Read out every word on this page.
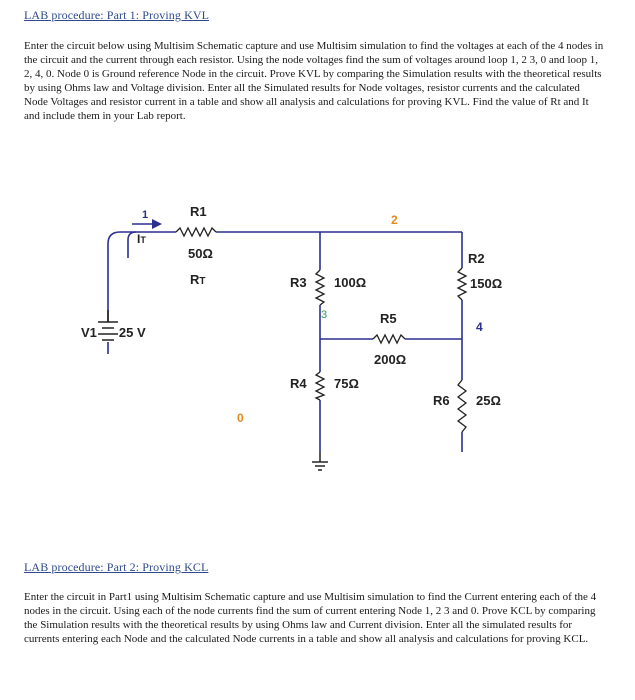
LAB procedure: Part 1: Proving KVL
Enter the circuit below using Multisim Schematic capture and use Multisim simulation to find the voltages at each of the 4 nodes in the circuit and the current through each resistor. Using the node voltages find the sum of voltages around loop 1, 2 3, 0 and loop 1, 2, 4, 0. Node 0 is Ground reference Node in the circuit. Prove KVL by comparing the Simulation results with the theoretical results by using Ohms law and Voltage division. Enter all the Simulated results for Node voltages, resistor currents and the calculated Node Voltages and resistor current in a table and show all analysis and calculations for proving KVL. Find the value of Rt and It and include them in your Lab report.
R1
50Ω
RT
IT
R3 100Ω
R4 75Ω
R5
200Ω
R2
150Ω
R6 25Ω
V1 25 V
1	2
3
4
0
LAB procedure: Part 2: Proving KCL
Enter the circuit in Part1 using Multisim Schematic capture and use Multisim simulation to find the Current entering each of the 4 nodes in the circuit. Using each of the node currents find the sum of current entering Node 1, 2 3 and 0. Prove KCL by comparing the Simulation results with the theoretical results by using Ohms law and Current division. Enter all the simulated results for currents entering each Node and the calculated Node currents in a table and show all analysis and calculations for proving KCL.
